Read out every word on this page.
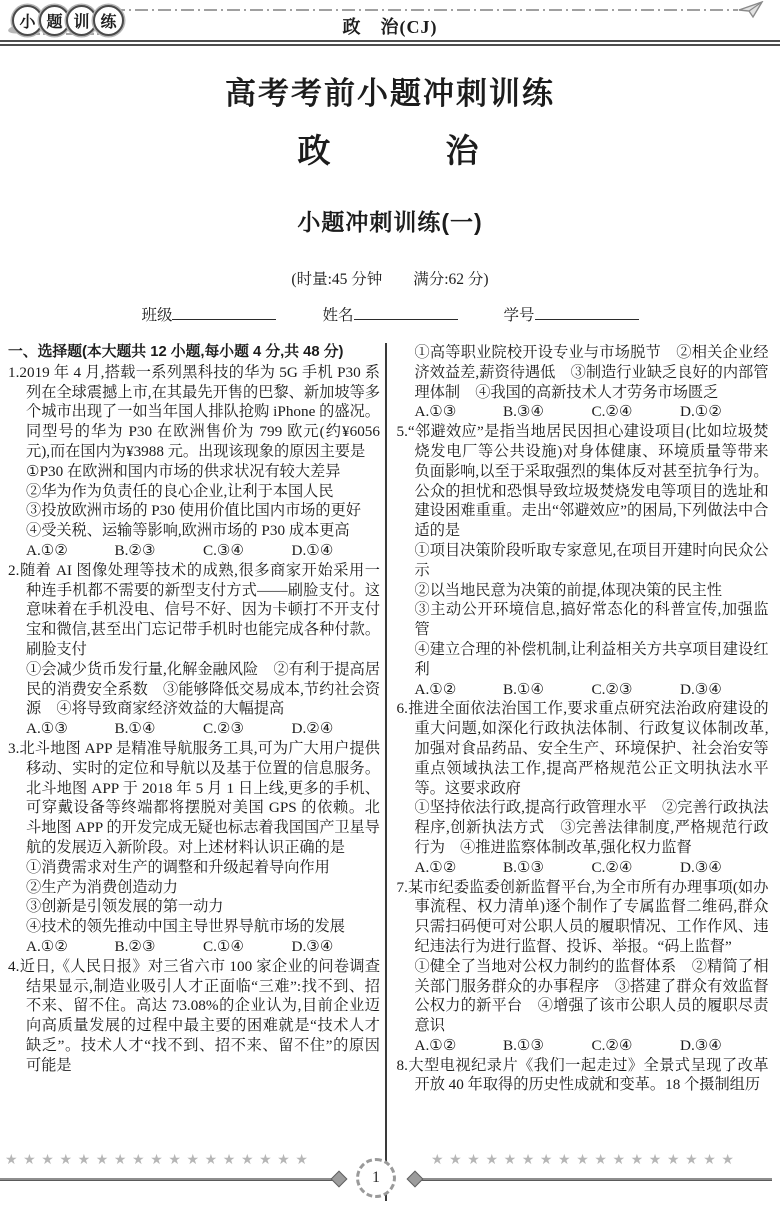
小 题 训 练	政　治(CJ)
高考考前小题冲刺训练
政　　　治
小题冲刺训练(一)
(时量:45 分钟　　满分:62 分)
班级	姓名	学号
一、选择题(本大题共 12 小题,每小题 4 分,共 48 分)
1.2019 年 4 月,搭载一系列黑科技的华为 5G 手机 P30 系列在全球震撼上市,在其最先开售的巴黎、新加坡等多个城市出现了一如当年国人排队抢购 iPhone 的盛况。同型号的华为 P30 在欧洲售价为 799 欧元(约¥6056 元),而在国内为¥3988 元。出现该现象的原因主要是
①P30 在欧洲和国内市场的供求状况有较大差异
②华为作为负责任的良心企业,让利于本国人民
③投放欧洲市场的 P30 使用价值比国内市场的更好
④受关税、运输等影响,欧洲市场的 P30 成本更高
A.①②	B.②③	C.③④	D.①④
2.随着 AI 图像处理等技术的成熟,很多商家开始采用一种连手机都不需要的新型支付方式——刷脸支付。这意味着在手机没电、信号不好、因为卡顿打不开支付宝和微信,甚至出门忘记带手机时也能完成各种付款。刷脸支付
①会减少货币发行量,化解金融风险　②有利于提高居民的消费安全系数　③能够降低交易成本,节约社会资源　④将导致商家经济效益的大幅提高
A.①③	B.①④	C.②③	D.②④
3.北斗地图 APP 是精准导航服务工具,可为广大用户提供移动、实时的定位和导航以及基于位置的信息服务。北斗地图 APP 于 2018 年 5 月 1 日上线,更多的手机、可穿戴设备等终端都将摆脱对美国 GPS 的依赖。北斗地图 APP 的开发完成无疑也标志着我国国产卫星导航的发展迈入新阶段。对上述材料认识正确的是
①消费需求对生产的调整和升级起着导向作用
②生产为消费创造动力
③创新是引领发展的第一动力
④技术的领先推动中国主导世界导航市场的发展
A.①②	B.②③	C.①④	D.③④
4.近日,《人民日报》对三省六市 100 家企业的问卷调查结果显示,制造业吸引人才正面临“三难”:找不到、招不来、留不住。高达 73.08%的企业认为,目前企业迈向高质量发展的过程中最主要的困难就是“技术人才缺乏”。技术人才“找不到、招不来、留不住”的原因可能是
①高等职业院校开设专业与市场脱节　②相关企业经济效益差,薪资待遇低　③制造行业缺乏良好的内部管理体制　④我国的高新技术人才劳务市场匮乏
A.①③	B.③④	C.②④	D.①②
5.“邻避效应”是指当地居民因担心建设项目(比如垃圾焚烧发电厂等公共设施)对身体健康、环境质量等带来负面影响,以至于采取强烈的集体反对甚至抗争行为。公众的担忧和恐惧导致垃圾焚烧发电等项目的选址和建设困难重重。走出“邻避效应”的困局,下列做法中合适的是
①项目决策阶段听取专家意见,在项目开建时向民众公示
②以当地民意为决策的前提,体现决策的民主性
③主动公开环境信息,搞好常态化的科普宣传,加强监管
④建立合理的补偿机制,让利益相关方共享项目建设红利
A.①②	B.①④	C.②③	D.③④
6.推进全面依法治国工作,要求重点研究法治政府建设的重大问题,如深化行政执法体制、行政复议体制改革,加强对食品药品、安全生产、环境保护、社会治安等重点领域执法工作,提高严格规范公正文明执法水平等。这要求政府
①坚持依法行政,提高行政管理水平　②完善行政执法程序,创新执法方式　③完善法律制度,严格规范行政行为　④推进监察体制改革,强化权力监督
A.①②	B.①③	C.②④	D.③④
7.某市纪委监委创新监督平台,为全市所有办理事项(如办事流程、权力清单)逐个制作了专属监督二维码,群众只需扫码便可对公职人员的履职情况、工作作风、违纪违法行为进行监督、投诉、举报。“码上监督”
①健全了当地对公权力制约的监督体系　②精简了相关部门服务群众的办事程序　③搭建了群众有效监督公权力的新平台　④增强了该市公职人员的履职尽责意识
A.①②	B.①③	C.②④	D.③④
8.大型电视纪录片《我们一起走过》全景式呈现了改革开放 40 年取得的历史性成就和变革。18 个摄制组历
★★★★★★★★★★★★★★★★★	★★★★★★★★★★★★★★★★★
1
